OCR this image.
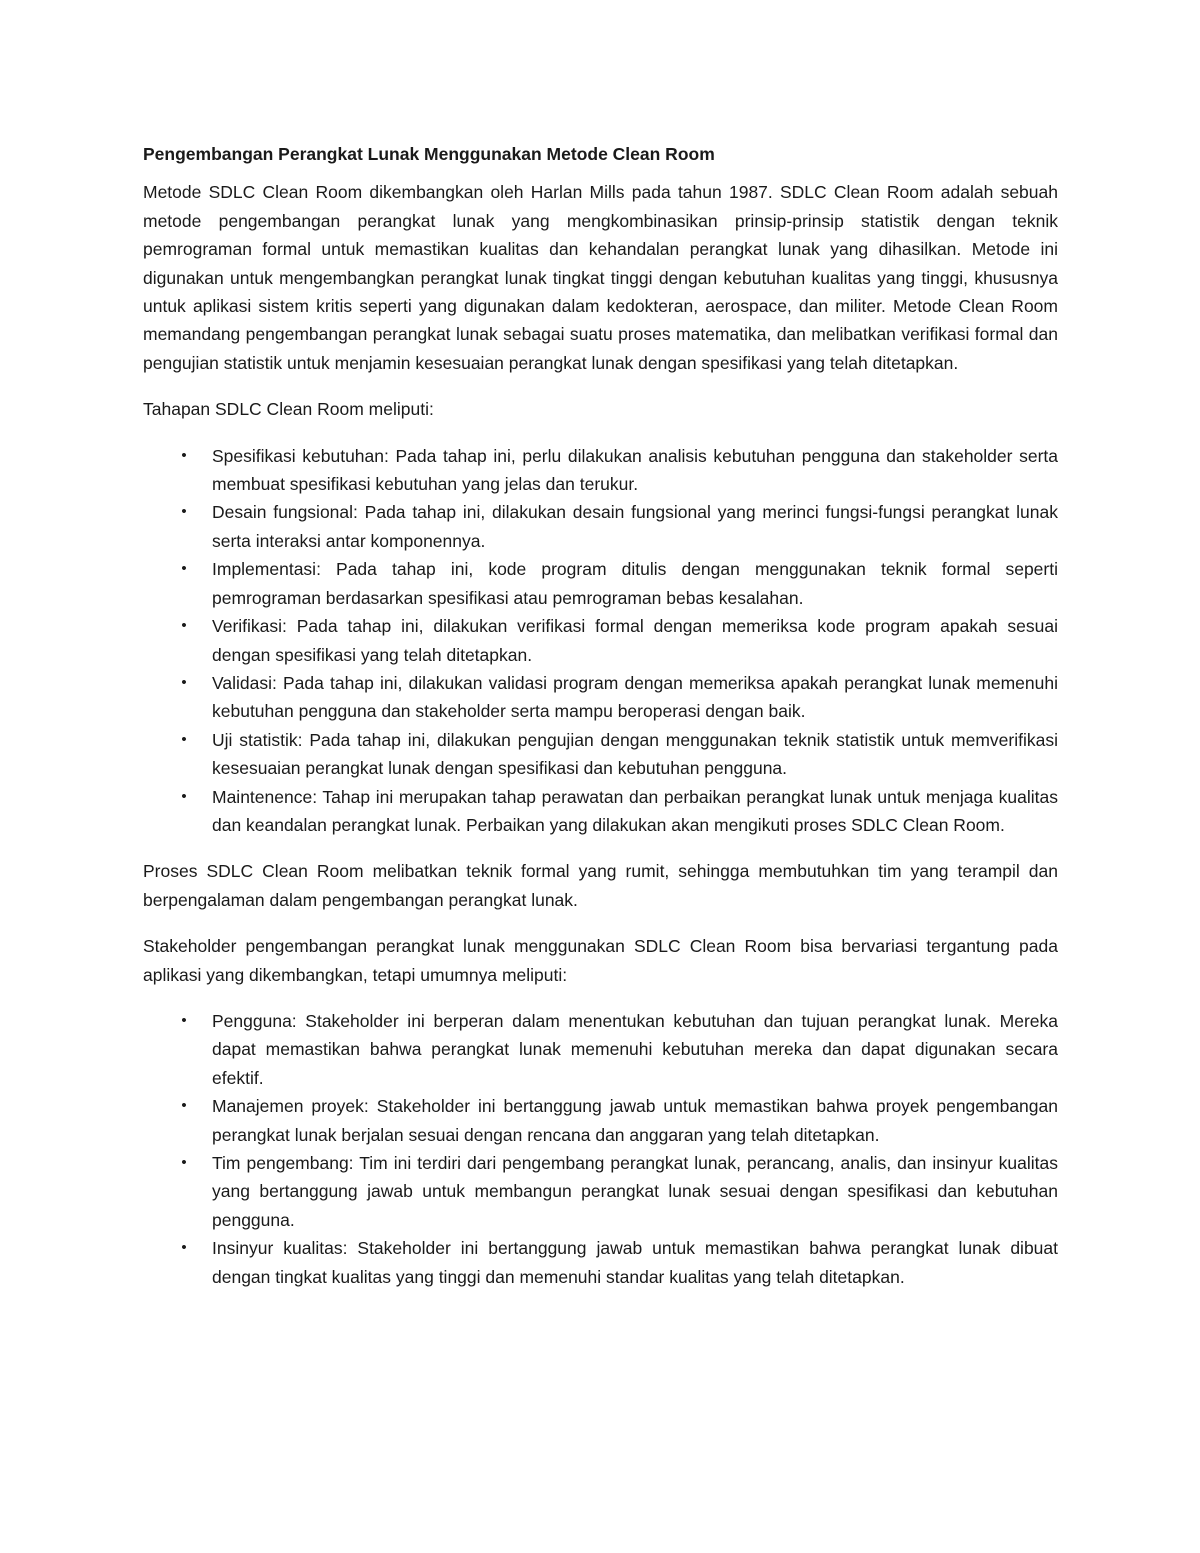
Pengembangan Perangkat Lunak Menggunakan Metode Clean Room

Metode SDLC Clean Room dikembangkan oleh Harlan Mills pada tahun 1987. SDLC Clean Room adalah sebuah metode pengembangan perangkat lunak yang mengkombinasikan prinsip-prinsip statistik dengan teknik pemrograman formal untuk memastikan kualitas dan kehandalan perangkat lunak yang dihasilkan. Metode ini digunakan untuk mengembangkan perangkat lunak tingkat tinggi dengan kebutuhan kualitas yang tinggi, khususnya untuk aplikasi sistem kritis seperti yang digunakan dalam kedokteran, aerospace, dan militer. Metode Clean Room memandang pengembangan perangkat lunak sebagai suatu proses matematika, dan melibatkan verifikasi formal dan pengujian statistik untuk menjamin kesesuaian perangkat lunak dengan spesifikasi yang telah ditetapkan.

Tahapan SDLC Clean Room meliputi:

•	Spesifikasi kebutuhan: Pada tahap ini, perlu dilakukan analisis kebutuhan pengguna dan stakeholder serta membuat spesifikasi kebutuhan yang jelas dan terukur.
•	Desain fungsional: Pada tahap ini, dilakukan desain fungsional yang merinci fungsi-fungsi perangkat lunak serta interaksi antar komponennya.
•	Implementasi: Pada tahap ini, kode program ditulis dengan menggunakan teknik formal seperti pemrograman berdasarkan spesifikasi atau pemrograman bebas kesalahan.
•	Verifikasi: Pada tahap ini, dilakukan verifikasi formal dengan memeriksa kode program apakah sesuai dengan spesifikasi yang telah ditetapkan.
•	Validasi: Pada tahap ini, dilakukan validasi program dengan memeriksa apakah perangkat lunak memenuhi kebutuhan pengguna dan stakeholder serta mampu beroperasi dengan baik.
•	Uji statistik: Pada tahap ini, dilakukan pengujian dengan menggunakan teknik statistik untuk memverifikasi kesesuaian perangkat lunak dengan spesifikasi dan kebutuhan pengguna.
•	Maintenence: Tahap ini merupakan tahap perawatan dan perbaikan perangkat lunak untuk menjaga kualitas dan keandalan perangkat lunak. Perbaikan yang dilakukan akan mengikuti proses SDLC Clean Room.

Proses SDLC Clean Room melibatkan teknik formal yang rumit, sehingga membutuhkan tim yang terampil dan berpengalaman dalam pengembangan perangkat lunak.

Stakeholder pengembangan perangkat lunak menggunakan SDLC Clean Room bisa bervariasi tergantung pada aplikasi yang dikembangkan, tetapi umumnya meliputi:

•	Pengguna: Stakeholder ini berperan dalam menentukan kebutuhan dan tujuan perangkat lunak. Mereka dapat memastikan bahwa perangkat lunak memenuhi kebutuhan mereka dan dapat digunakan secara efektif.
•	Manajemen proyek: Stakeholder ini bertanggung jawab untuk memastikan bahwa proyek pengembangan perangkat lunak berjalan sesuai dengan rencana dan anggaran yang telah ditetapkan.
•	Tim pengembang: Tim ini terdiri dari pengembang perangkat lunak, perancang, analis, dan insinyur kualitas yang bertanggung jawab untuk membangun perangkat lunak sesuai dengan spesifikasi dan kebutuhan pengguna.
•	Insinyur kualitas: Stakeholder ini bertanggung jawab untuk memastikan bahwa perangkat lunak dibuat dengan tingkat kualitas yang tinggi dan memenuhi standar kualitas yang telah ditetapkan.
